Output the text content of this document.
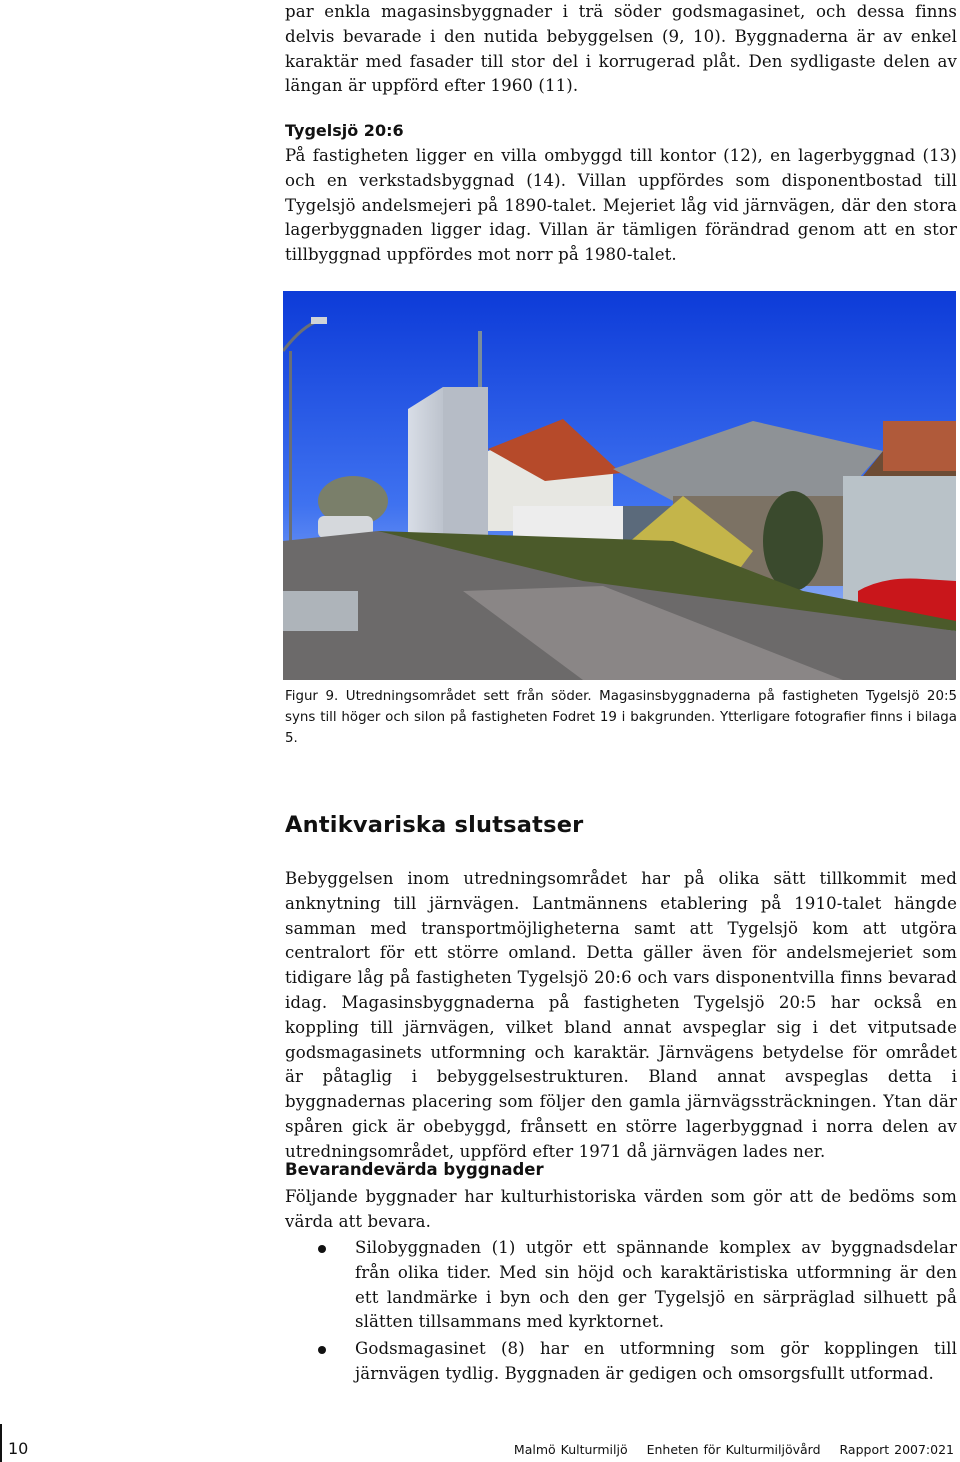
par enkla magasinsbyggnader i trä söder godsmagasinet, och dessa finns delvis bevarade i den nutida bebyggelsen (9, 10). Byggnaderna är av enkel karaktär med fasader till stor del i korrugerad plåt. Den sydligaste delen av längan är uppförd efter 1960 (11).

Tygelsjö 20:6

På fastigheten ligger en villa ombyggd till kontor (12), en lagerbyggnad (13) och en verkstadsbyggnad (14). Villan uppfördes som disponentbostad till Tygelsjö andelsmejeri på 1890-talet. Mejeriet låg vid järnvägen, där den stora lagerbyggnaden ligger idag. Villan är tämligen förändrad genom att en stor tillbyggnad uppfördes mot norr på 1980-talet.

Figur 9. Utredningsområdet sett från söder. Magasinsbyggnaderna på fastigheten Tygelsjö 20:5 syns till höger och silon på fastigheten Fodret 19 i bakgrunden. Ytterligare fotografier finns i bilaga 5.

Antikvariska slutsatser

Bebyggelsen inom utredningsområdet har på olika sätt tillkommit med anknytning till järnvägen. Lantmännens etablering på 1910-talet hängde samman med transportmöjligheterna samt att Tygelsjö kom att utgöra centralort för ett större omland. Detta gäller även för andelsmejeriet som tidigare låg på fastigheten Tygelsjö 20:6 och vars disponentvilla finns bevarad idag. Magasinsbyggnaderna på fastigheten Tygelsjö 20:5 har också en koppling till järnvägen, vilket bland annat avspeglar sig i det vitputsade godsmagasinets utformning och karaktär. Järnvägens betydelse för området är påtaglig i bebyggelsestrukturen. Bland annat avspeglas detta i byggnadernas placering som följer den gamla järnvägssträckningen. Ytan där spåren gick är obebyggd, frånsett en större lagerbyggnad i norra delen av utredningsområdet, uppförd efter 1971 då järnvägen lades ner.

Bevarandevärda byggnader

Följande byggnader har kulturhistoriska värden som gör att de bedöms som värda att bevara.

Silobyggnaden (1) utgör ett spännande komplex av byggnadsdelar från olika tider. Med sin höjd och karaktäristiska utformning är den ett landmärke i byn och den ger Tygelsjö en särpräglad silhuett på slätten tillsammans med kyrktornet.
Godsmagasinet (8) har en utformning som gör kopplingen till järnvägen tydlig. Byggnaden är gedigen och omsorgsfullt utformad.

10	Malmö Kulturmiljö Enheten för Kulturmiljövård Rapport 2007:021
